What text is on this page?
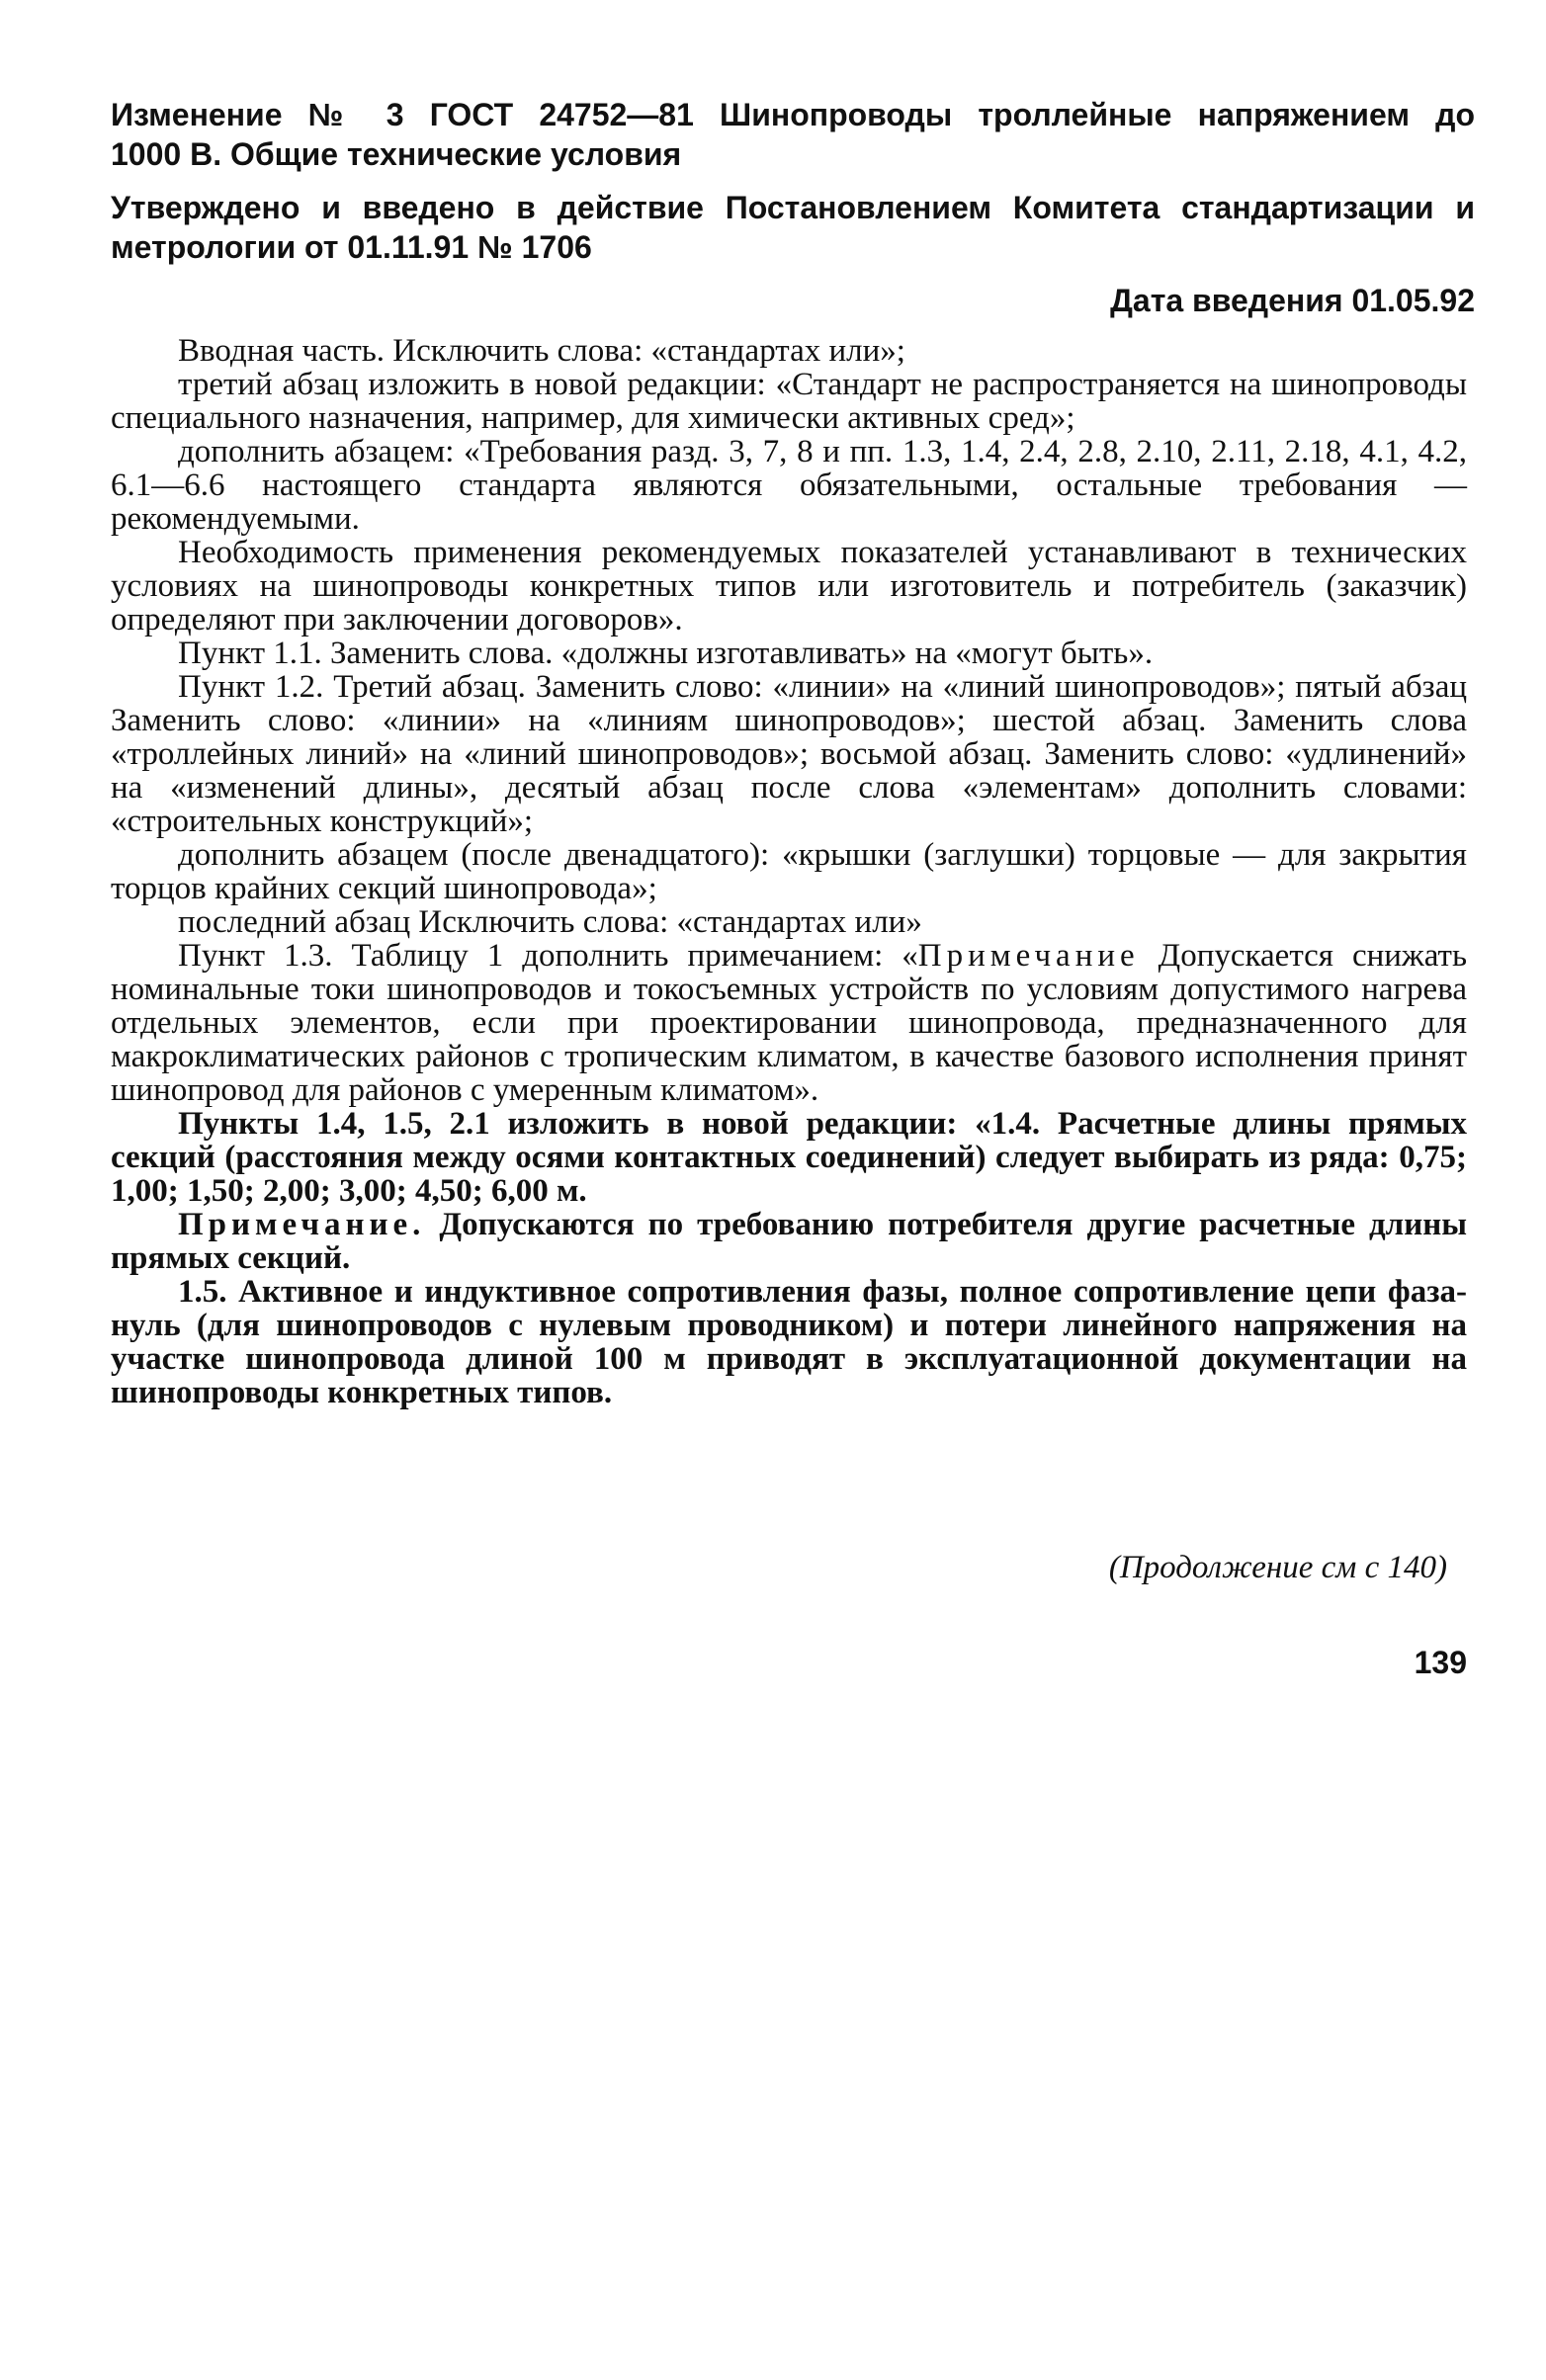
Изменение № 3 ГОСТ 24752—81 Шинопроводы троллейные напряжением до
1000 В. Общие технические условия
Утверждено и введено в действие Постановлением Комитета стандартизации и
метрологии от 01.11.91 № 1706
Дата введения 01.05.92

Вводная часть. Исключить слова: «стандартах или»;

третий абзац изложить в новой редакции: «Стандарт не распространяется на шинопроводы специального назначения, например, для химически активных сред»;

дополнить абзацем: «Требования разд. 3, 7, 8 и пп. 1.3, 1.4, 2.4, 2.8, 2.10, 2.11, 2.18, 4.1, 4.2, 6.1—6.6 настоящего стандарта являются обязательными, остальные требования — рекомендуемыми.

Необходимость применения рекомендуемых показателей устанавливают в технических условиях на шинопроводы конкретных типов или изготовитель и потребитель (заказчик) определяют при заключении договоров».

Пункт 1.1. Заменить слова. «должны изготавливать» на «могут быть».

Пункт 1.2. Третий абзац. Заменить слово: «линии» на «линий шинопроводов»; пятый абзац Заменить слово: «линии» на «линиям шинопроводов»; шестой абзац. Заменить слова «троллейных линий» на «линий шинопроводов»; восьмой абзац. Заменить слово: «удлинений» на «изменений длины», десятый абзац после слова «элементам» дополнить словами: «строительных конструкций»;

дополнить абзацем (после двенадцатого): «крышки (заглушки) торцовые — для закрытия торцов крайних секций шинопровода»;

последний абзац Исключить слова: «стандартах или»

Пункт 1.3. Таблицу 1 дополнить примечанием: «Примечание Допускается снижать номинальные токи шинопроводов и токосъемных устройств по условиям допустимого нагрева отдельных элементов, если при проектировании шинопровода, предназначенного для макроклиматических районов с тропическим климатом, в качестве базового исполнения принят шинопровод для районов с умеренным климатом».

Пункты 1.4, 1.5, 2.1 изложить в новой редакции: «1.4. Расчетные длины прямых секций (расстояния между осями контактных соединений) следует выбирать из ряда: 0,75; 1,00; 1,50; 2,00; 3,00; 4,50; 6,00 м.

Примечание. Допускаются по требованию потребителя другие расчетные длины прямых секций.

1.5. Активное и индуктивное сопротивления фазы, полное сопротивление цепи фаза-нуль (для шинопроводов с нулевым проводником) и потери линейного напряжения на участке шинопровода длиной 100 м приводят в эксплуатационной документации на шинопроводы конкретных типов.

(Продолжение см с 140)
139
